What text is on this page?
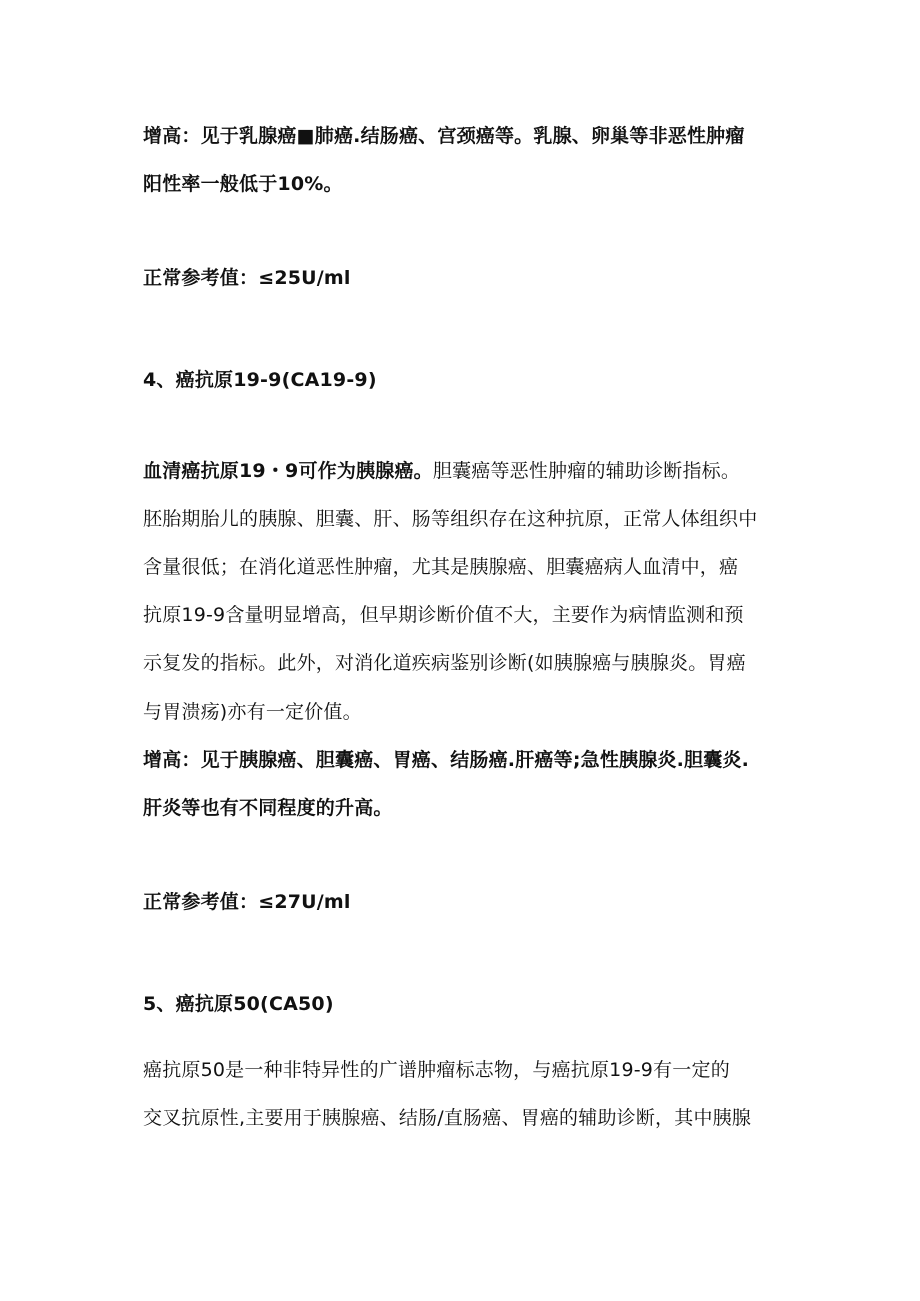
增高：见于乳腺癌■肺癌.结肠癌、宫颈癌等。乳腺、卵巢等非恶性肿瘤
阳性率一般低于10%。
正常参考值：≤25U/ml
4、癌抗原19-9(CA19-9)
血清癌抗原19・9可作为胰腺癌。胆囊癌等恶性肿瘤的辅助诊断指标。
胚胎期胎儿的胰腺、胆囊、肝、肠等组织存在这种抗原，正常人体组织中
含量很低；在消化道恶性肿瘤，尤其是胰腺癌、胆囊癌病人血清中，癌
抗原19-9含量明显增高，但早期诊断价值不大，主要作为病情监测和预
示复发的指标。此外，对消化道疾病鉴别诊断(如胰腺癌与胰腺炎。胃癌
与胃溃疡)亦有一定价值。
增高：见于胰腺癌、胆囊癌、胃癌、结肠癌.肝癌等;急性胰腺炎.胆囊炎.
肝炎等也有不同程度的升高。
正常参考值：≤27U/ml
5、癌抗原50(CA50)
癌抗原50是一种非特异性的广谱肿瘤标志物，与癌抗原19-9有一定的
交叉抗原性,主要用于胰腺癌、结肠/直肠癌、胃癌的辅助诊断，其中胰腺
